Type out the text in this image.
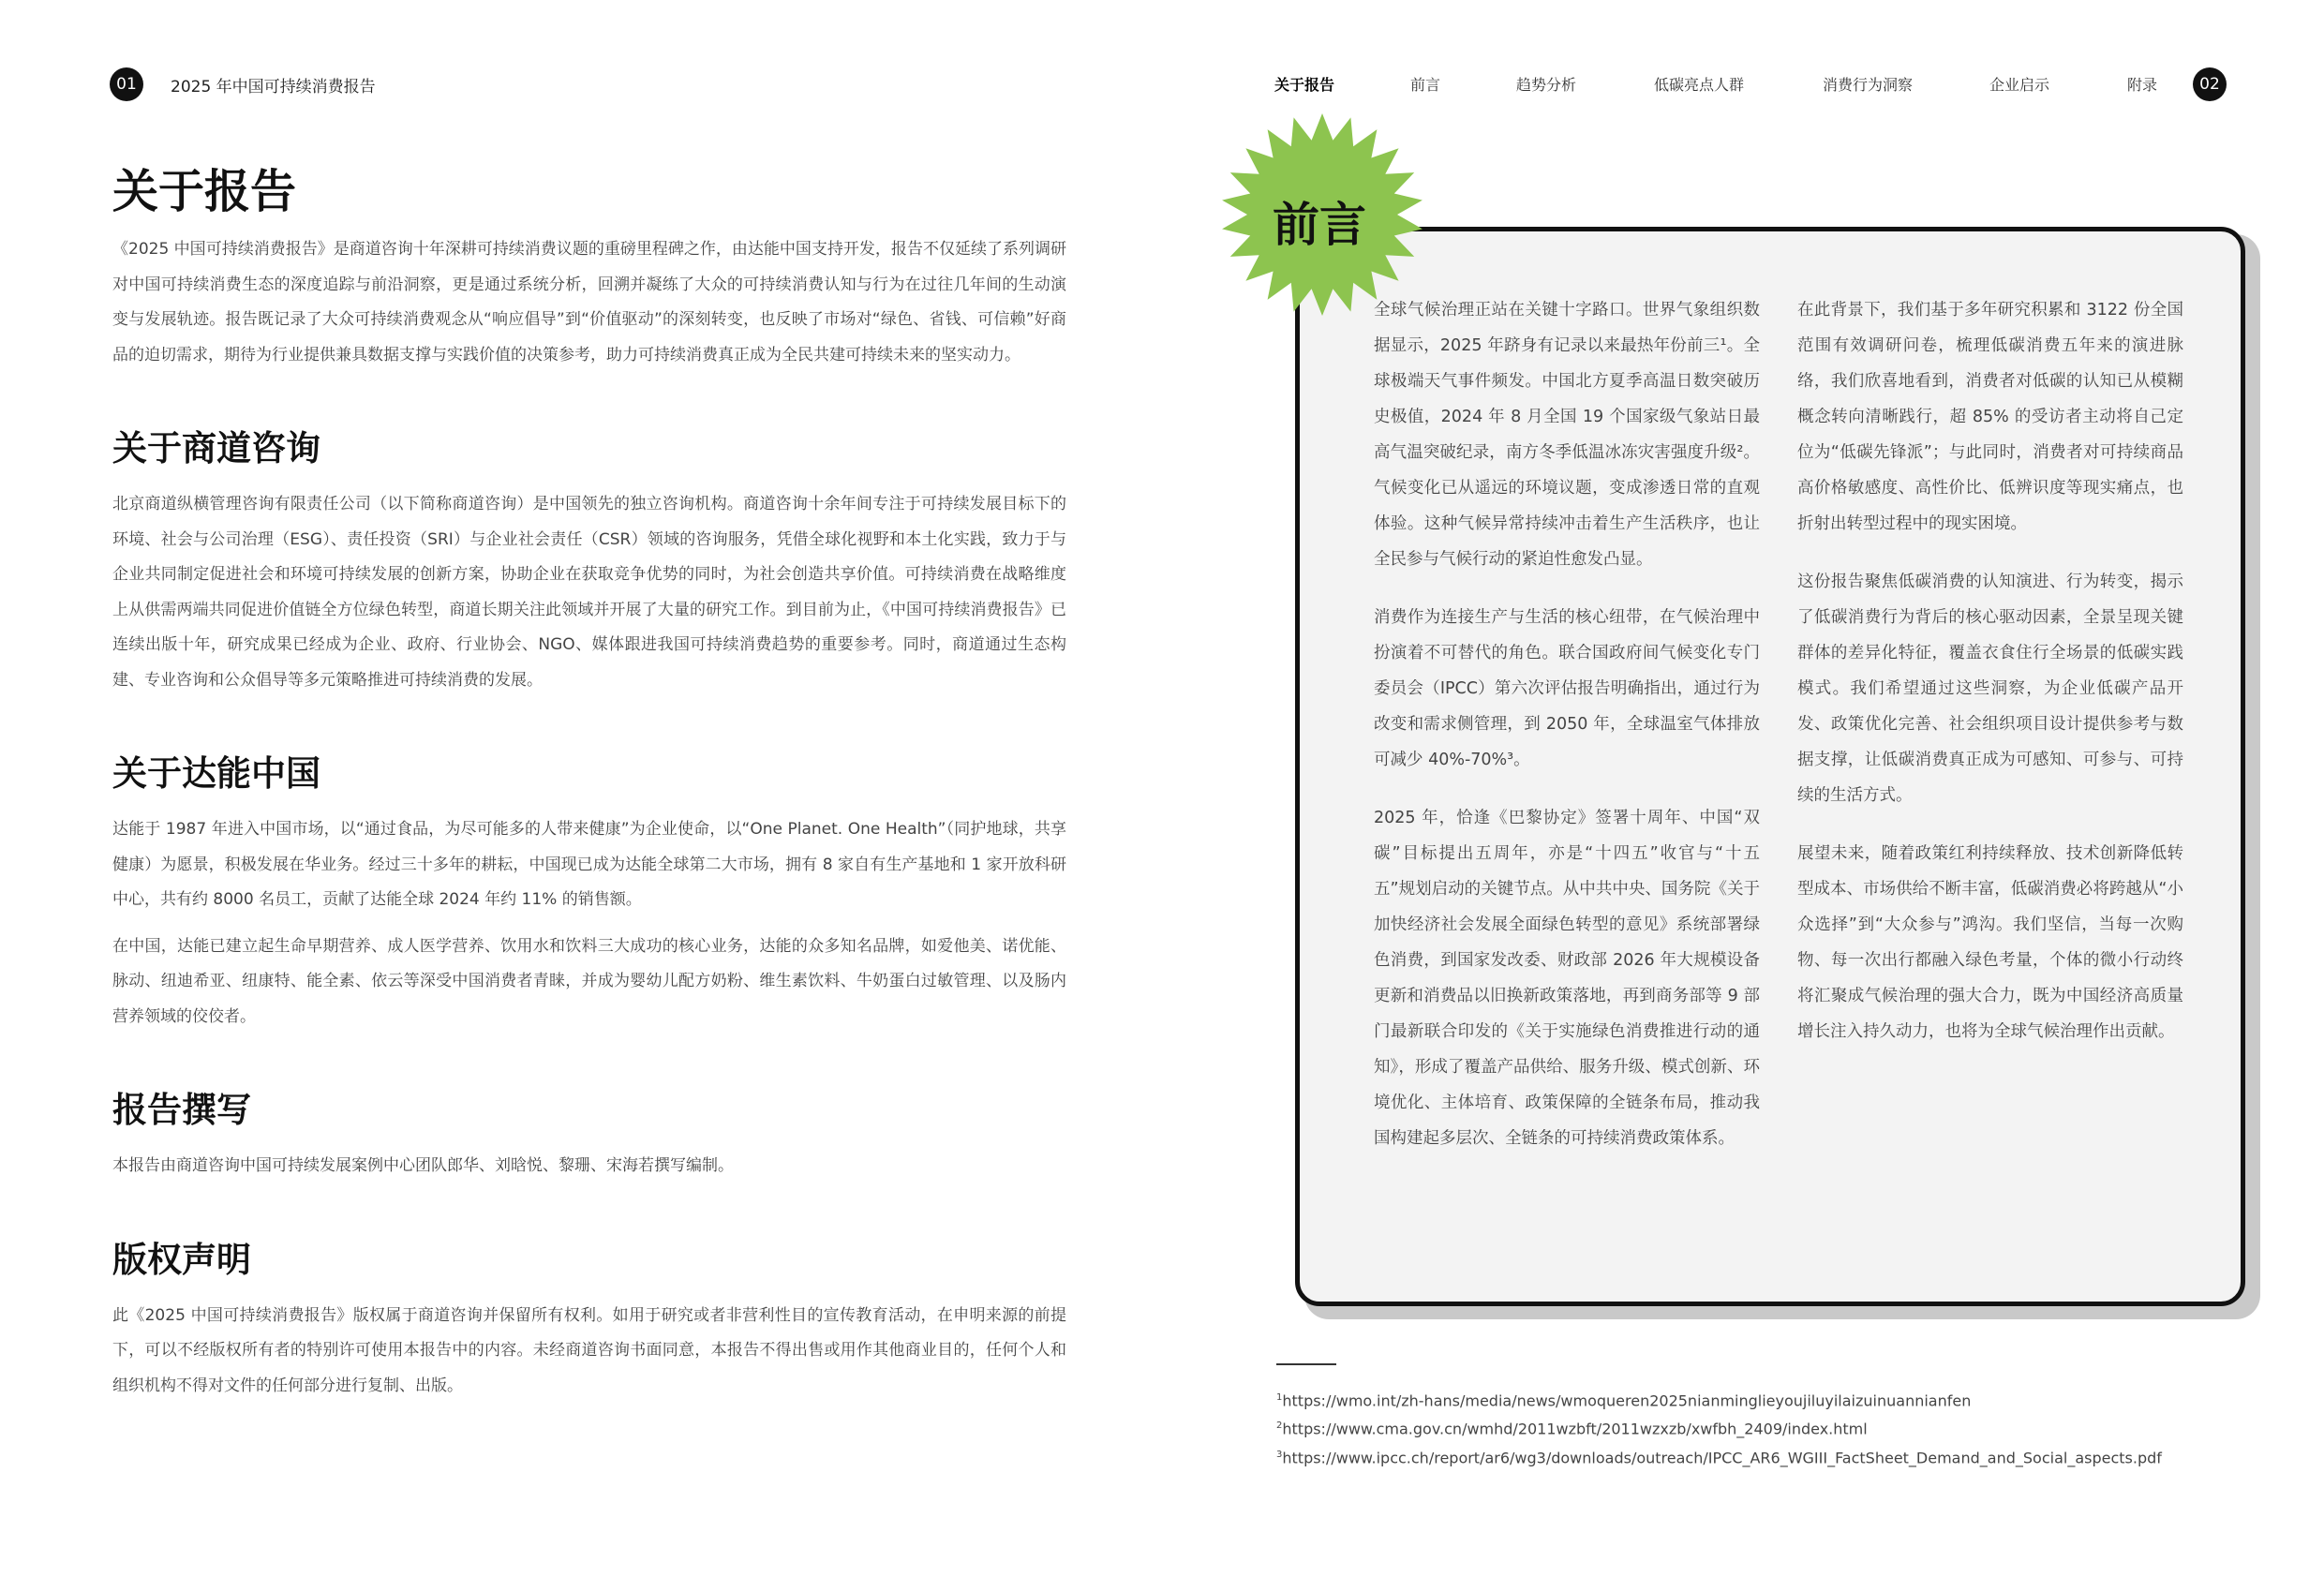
01	2025 年中国可持续消费报告	关于报告	前言	趋势分析	低碳亮点人群	消费行为洞察	企业启示	附录	02
关于报告

《2025 中国可持续消费报告》是商道咨询十年深耕可持续消费议题的重磅里程碑之作，由达能中国支持开发，报告不仅延续了系列调研对中国可持续消费生态的深度追踪与前沿洞察，更是通过系统分析，回溯并凝练了大众的可持续消费认知与行为在过往几年间的生动演变与发展轨迹。报告既记录了大众可持续消费观念从“响应倡导”到“价值驱动”的深刻转变，也反映了市场对“绿色、省钱、可信赖”好商品的迫切需求，期待为行业提供兼具数据支撑与实践价值的决策参考，助力可持续消费真正成为全民共建可持续未来的坚实动力。

关于商道咨询

北京商道纵横管理咨询有限责任公司（以下简称商道咨询）是中国领先的独立咨询机构。商道咨询十余年间专注于可持续发展目标下的环境、社会与公司治理（ESG）、责任投资（SRI）与企业社会责任（CSR）领域的咨询服务，凭借全球化视野和本土化实践，致力于与企业共同制定促进社会和环境可持续发展的创新方案，协助企业在获取竞争优势的同时，为社会创造共享价值。可持续消费在战略维度上从供需两端共同促进价值链全方位绿色转型，商道长期关注此领域并开展了大量的研究工作。到目前为止，《中国可持续消费报告》已连续出版十年，研究成果已经成为企业、政府、行业协会、NGO、媒体跟进我国可持续消费趋势的重要参考。同时，商道通过生态构建、专业咨询和公众倡导等多元策略推进可持续消费的发展。

关于达能中国

达能于 1987 年进入中国市场，以“通过食品，为尽可能多的人带来健康”为企业使命，以“One Planet. One Health”（同护地球，共享健康）为愿景，积极发展在华业务。经过三十多年的耕耘，中国现已成为达能全球第二大市场，拥有 8 家自有生产基地和 1 家开放科研中心，共有约 8000 名员工，贡献了达能全球 2024 年约 11% 的销售额。

在中国，达能已建立起生命早期营养、成人医学营养、饮用水和饮料三大成功的核心业务，达能的众多知名品牌，如爱他美、诺优能、脉动、纽迪希亚、纽康特、能全素、依云等深受中国消费者青睐，并成为婴幼儿配方奶粉、维生素饮料、牛奶蛋白过敏管理、以及肠内营养领域的佼佼者。

报告撰写

本报告由商道咨询中国可持续发展案例中心团队郎华、刘晗悦、黎珊、宋海若撰写编制。

版权声明

此《2025 中国可持续消费报告》版权属于商道咨询并保留所有权利。如用于研究或者非营利性目的宣传教育活动，在申明来源的前提下，可以不经版权所有者的特别许可使用本报告中的内容。未经商道咨询书面同意，本报告不得出售或用作其他商业目的，任何个人和组织机构不得对文件的任何部分进行复制、出版。

前言

全球气候治理正站在关键十字路口。世界气象组织数据显示，2025 年跻身有记录以来最热年份前三¹。全球极端天气事件频发。中国北方夏季高温日数突破历史极值，2024 年 8 月全国 19 个国家级气象站日最高气温突破纪录，南方冬季低温冰冻灾害强度升级²。气候变化已从遥远的环境议题，变成渗透日常的直观体验。这种气候异常持续冲击着生产生活秩序，也让全民参与气候行动的紧迫性愈发凸显。

消费作为连接生产与生活的核心纽带，在气候治理中扮演着不可替代的角色。联合国政府间气候变化专门委员会（IPCC）第六次评估报告明确指出，通过行为改变和需求侧管理，到 2050 年，全球温室气体排放可减少 40%-70%³。

2025 年，恰逢《巴黎协定》签署十周年、中国“双碳”目标提出五周年，亦是“十四五”收官与“十五五”规划启动的关键节点。从中共中央、国务院《关于加快经济社会发展全面绿色转型的意见》系统部署绿色消费，到国家发改委、财政部 2026 年大规模设备更新和消费品以旧换新政策落地，再到商务部等 9 部门最新联合印发的《关于实施绿色消费推进行动的通知》，形成了覆盖产品供给、服务升级、模式创新、环境优化、主体培育、政策保障的全链条布局，推动我国构建起多层次、全链条的可持续消费政策体系。

在此背景下，我们基于多年研究积累和 3122 份全国范围有效调研问卷，梳理低碳消费五年来的演进脉络，我们欣喜地看到，消费者对低碳的认知已从模糊概念转向清晰践行，超 85% 的受访者主动将自己定位为“低碳先锋派”；与此同时，消费者对可持续商品高价格敏感度、高性价比、低辨识度等现实痛点，也折射出转型过程中的现实困境。

这份报告聚焦低碳消费的认知演进、行为转变，揭示了低碳消费行为背后的核心驱动因素，全景呈现关键群体的差异化特征，覆盖衣食住行全场景的低碳实践模式。我们希望通过这些洞察，为企业低碳产品开发、政策优化完善、社会组织项目设计提供参考与数据支撑，让低碳消费真正成为可感知、可参与、可持续的生活方式。

展望未来，随着政策红利持续释放、技术创新降低转型成本、市场供给不断丰富，低碳消费必将跨越从“小众选择”到“大众参与”鸿沟。我们坚信，当每一次购物、每一次出行都融入绿色考量，个体的微小行动终将汇聚成气候治理的强大合力，既为中国经济高质量增长注入持久动力，也将为全球气候治理作出贡献。

$^1$https://wmo.int/zh-hans/media/news/wmoqueren2025nianminglieyoujiluyilaizuinuannianfen
$^2$https://www.cma.gov.cn/wmhd/2011wzbft/2011wzxzb/xwfbh_2409/index.html
$^3$https://www.ipcc.ch/report/ar6/wg3/downloads/outreach/IPCC_AR6_WGIII_FactSheet_Demand_and_Social_aspects.pdf
